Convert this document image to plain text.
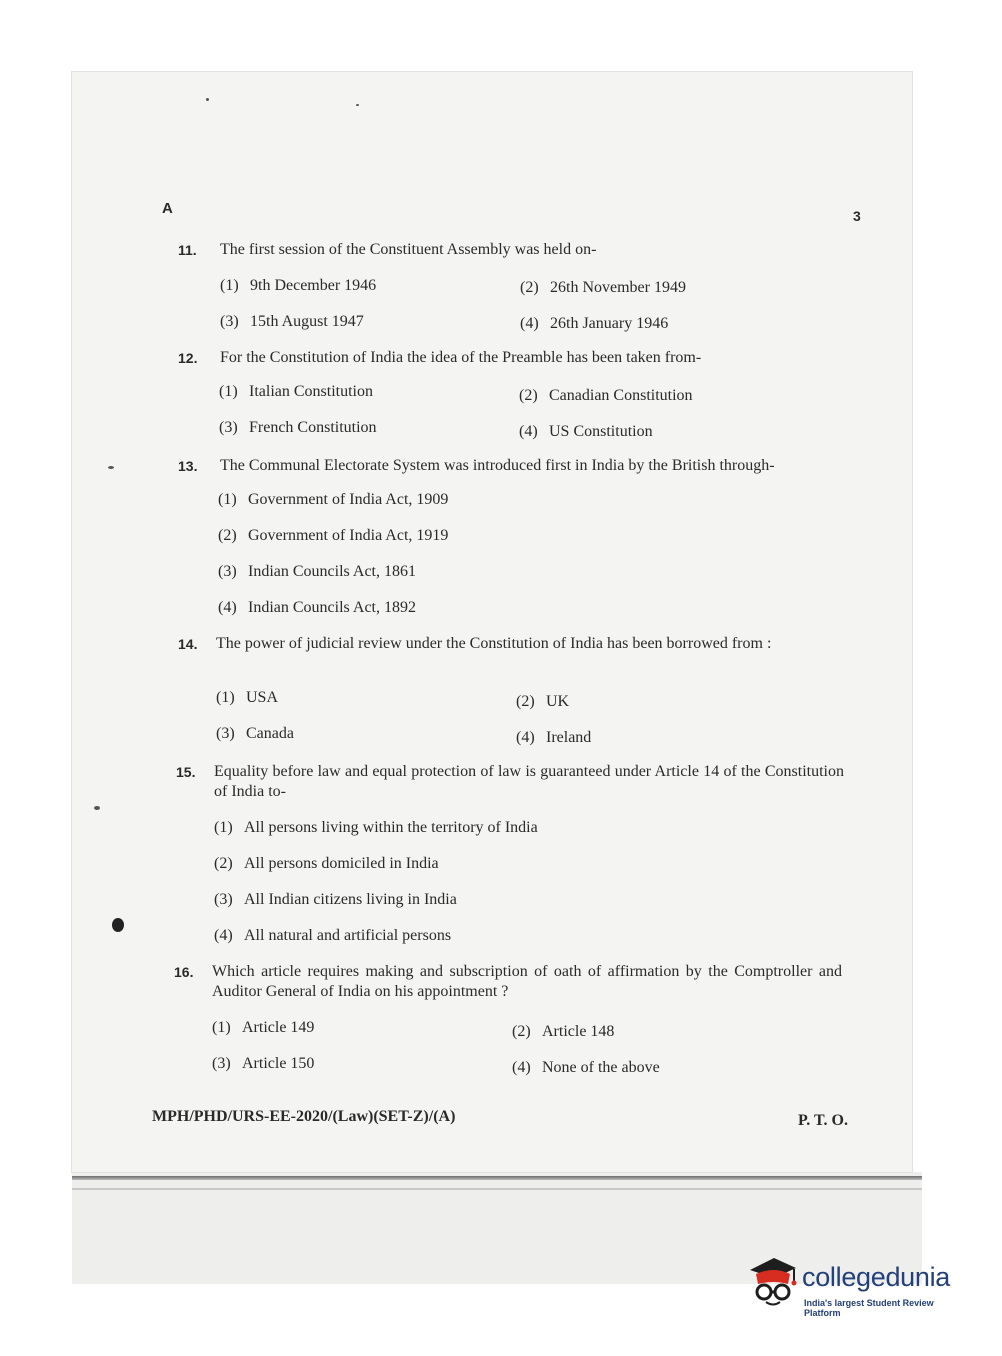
A	3
11. The first session of the Constituent Assembly was held on-
(1) 9th December 1946	(2) 26th November 1949
(3) 15th August 1947	(4) 26th January 1946
12. For the Constitution of India the idea of the Preamble has been taken from-
(1) Italian Constitution	(2) Canadian Constitution
(3) French Constitution	(4) US Constitution
13. The Communal Electorate System was introduced first in India by the British through-
(1) Government of India Act, 1909
(2) Government of India Act, 1919
(3) Indian Councils Act, 1861
(4) Indian Councils Act, 1892
14. The power of judicial review under the Constitution of India has been borrowed from :
(1) USA	(2) UK
(3) Canada	(4) Ireland
15. Equality before law and equal protection of law is guaranteed under Article 14 of the Constitution of India to-
(1) All persons living within the territory of India
(2) All persons domiciled in India
(3) All Indian citizens living in India
(4) All natural and artificial persons
16. Which article requires making and subscription of oath of affirmation by the Comptroller and Auditor General of India on his appointment ?
(1) Article 149	(2) Article 148
(3) Article 150	(4) None of the above
MPH/PHD/URS-EE-2020/(Law)(SET-Z)/(A)	P. T. O.
collegedunia
India's largest Student Review Platform
